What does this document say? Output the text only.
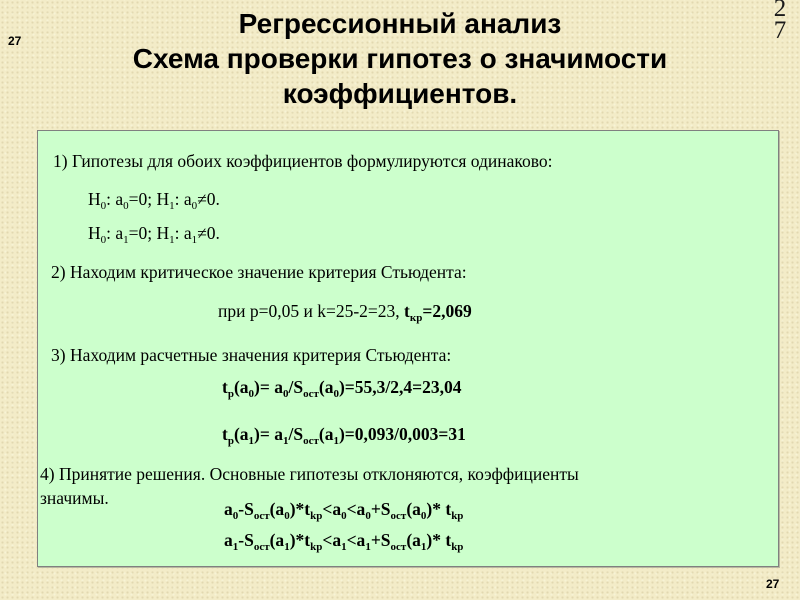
Регрессионный анализ
Схема проверки гипотез о значимости
коэффициентов.
27
27
2
7
1) Гипотезы для обоих коэффициентов формулируются одинаково:
$H_0$: $a_0=0$; $H_1$: $a_0\ne 0$.
$H_0$: $a_1=0$; $H_1$: $a_1\ne 0$.
2) Находим критическое значение критерия Стьюдента:
при p=0,05 и k=25-2=23, $t_{кр}=2,069$
3) Находим расчетные значения критерия Стьюдента:
$t_p(a_0)= a_0/S_{ост}(a_0)=55,3/2,4=23,04$
$t_p(a_1)= a_1/S_{ост}(a_1)=0,093/0,003=31$
4) Принятие решения. Основные гипотезы отклоняются, коэффициенты
значимы.
$a_0-S_{ост}(a_0)*t_{kp}<a_0<a_0+S_{ост}(a_0)*$ $t_{kp}$
$a_1-S_{ост}(a_1)*t_{kp}<a_1<a_1+S_{ост}(a_1)*$ $t_{kp}$
